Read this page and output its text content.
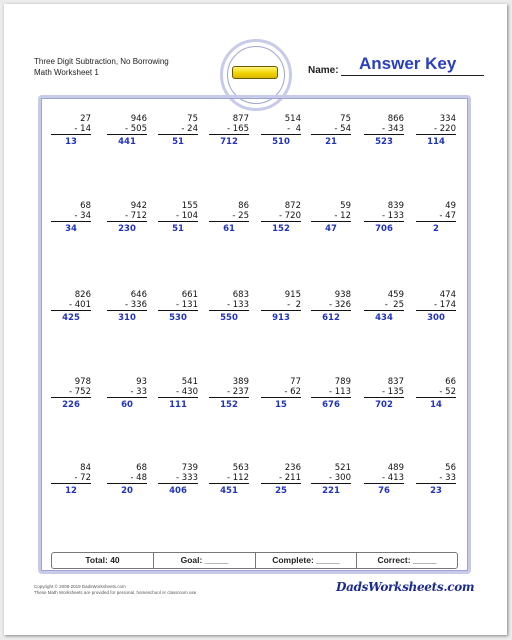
Three Digit Subtraction, No Borrowing
Math Worksheet 1	Name: Answer Key
27
- 14
13
946
- 505
441
75
- 24
51
877
- 165
712
514
-  4
510
75
- 54
21
866
- 343
523
334
- 220
114
68
- 34
34
942
- 712
230
155
- 104
51
86
- 25
61
872
- 720
152
59
- 12
47
839
- 133
706
49
- 47
2
826
- 401
425
646
- 336
310
661
- 131
530
683
- 133
550
915
-  2
913
938
- 326
612
459
-  25
434
474
- 174
300
978
- 752
226
93
- 33
60
541
- 430
111
389
- 237
152
77
- 62
15
789
- 113
676
837
- 135
702
66
- 52
14
84
- 72
12
68
- 48
20
739
- 333
406
563
- 112
451
236
- 211
25
521
- 300
221
489
- 413
76
56
- 33
23
Total: 40	Goal: _____	Complete: _____	Correct: _____
Copyright © 2008-2019 DadsWorksheets.com
These Math Worksheets are provided for personal, homeschool or classroom use.	DadsWorksheets.com
